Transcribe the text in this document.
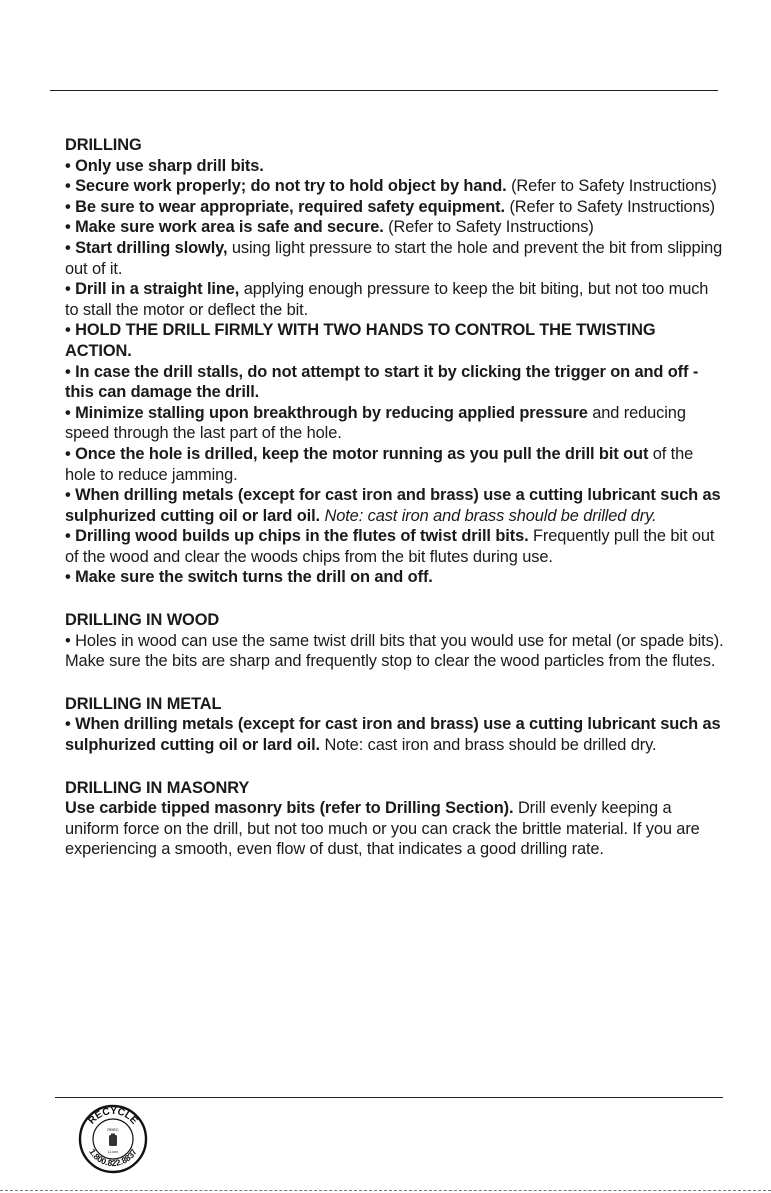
DRILLING

• Only use sharp drill bits.

• Secure work properly; do not try to hold object by hand. (Refer to Safety Instructions)

• Be sure to wear appropriate, required safety equipment. (Refer to Safety Instructions)

• Make sure work area is safe and secure. (Refer to Safety Instructions)

• Start drilling slowly, using light pressure to start the hole and prevent the bit from slipping out of it.

• Drill in a straight line, applying enough pressure to keep the bit biting, but not too much to stall the motor or deflect the bit.

• HOLD THE DRILL FIRMLY WITH TWO HANDS TO CONTROL THE TWISTING ACTION.

• In case the drill stalls, do not attempt to start it by clicking the trigger on and off - this can damage the drill.

• Minimize stalling upon breakthrough by reducing applied pressure and reducing speed through the last part of the hole.

• Once the hole is drilled, keep the motor running as you pull the drill bit out of the hole to reduce jamming.

• When drilling metals (except for cast iron and brass) use a cutting lubricant such as sulphurized cutting oil or lard oil. Note: cast iron and brass should be drilled dry.

• Drilling wood builds up chips in the flutes of twist drill bits. Frequently pull the bit out of the wood and clear the woods chips from the bit flutes during use.

• Make sure the switch turns the drill on and off.

DRILLING IN WOOD

• Holes in wood can use the same twist drill bits that you would use for metal (or spade bits). Make sure the bits are sharp and frequently stop to clear the wood particles from the flutes.

DRILLING IN METAL

• When drilling metals (except for cast iron and brass) use a cutting lubricant such as sulphurized cutting oil or lard oil. Note: cast iron and brass should be drilled dry.

DRILLING IN MASONRY

Use carbide tipped masonry bits (refer to Drilling Section). Drill evenly keeping a uniform force on the drill, but not too much or you can crack the brittle material. If you are experiencing a smooth, even flow of dust, that indicates a good drilling rate.

RECYCLE
1.800.822.8837
RBRC
Li-ion
